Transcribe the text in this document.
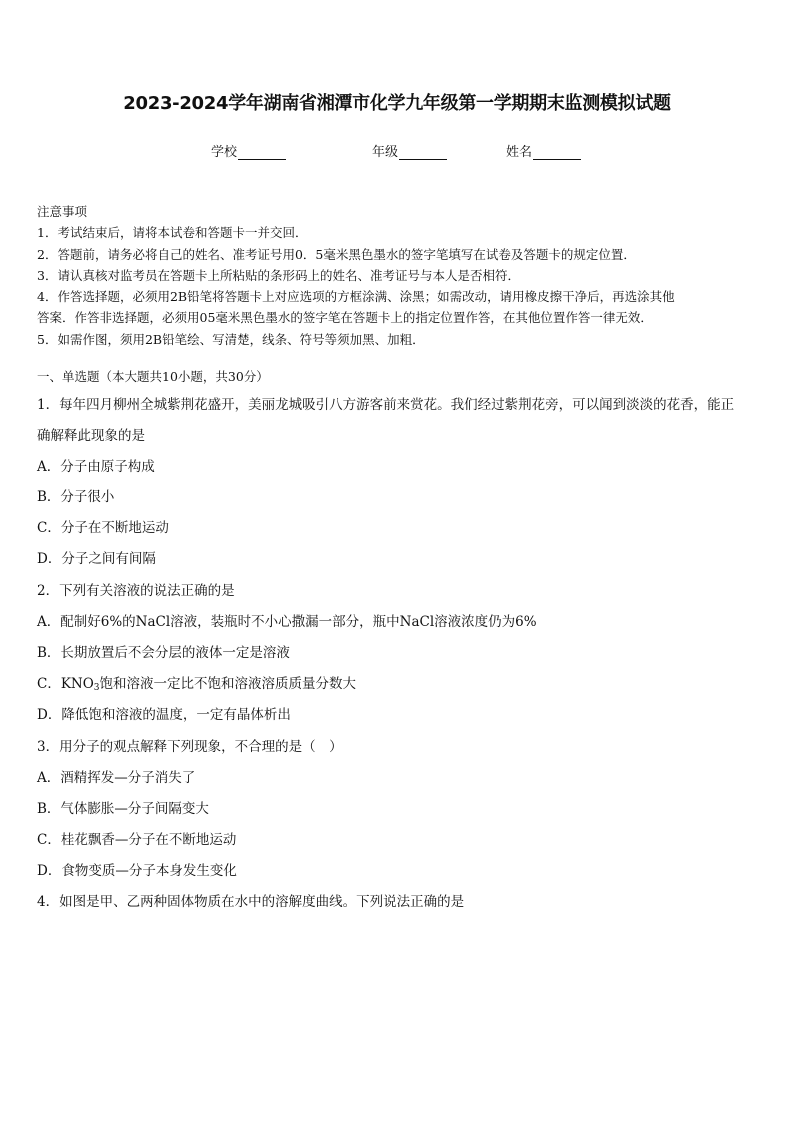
2023-2024学年湖南省湘潭市化学九年级第一学期期末监测模拟试题
学校	年级	姓名
注意事项
1．考试结束后，请将本试卷和答题卡一并交回．
2．答题前，请务必将自己的姓名、准考证号用0．5毫米黑色墨水的签字笔填写在试卷及答题卡的规定位置．
3．请认真核对监考员在答题卡上所粘贴的条形码上的姓名、准考证号与本人是否相符．
4．作答选择题，必须用2B铅笔将答题卡上对应选项的方框涂满、涂黑；如需改动，请用橡皮擦干净后，再选涂其他
答案．作答非选择题，必须用05毫米黑色墨水的签字笔在答题卡上的指定位置作答，在其他位置作答一律无效．
5．如需作图，须用2B铅笔绘、写清楚，线条、符号等须加黑、加粗．
一、单选题（本大题共10小题，共30分）
1．每年四月柳州全城紫荆花盛开，美丽龙城吸引八方游客前来赏花。我们经过紫荆花旁，可以闻到淡淡的花香，能正
确解释此现象的是
A．分子由原子构成
B．分子很小
C．分子在不断地运动
D．分子之间有间隔
2．下列有关溶液的说法正确的是
A．配制好6%的NaCl溶液，装瓶时不小心撒漏一部分，瓶中NaCl溶液浓度仍为6%
B．长期放置后不会分层的液体一定是溶液
C．$KNO_3$饱和溶液一定比不饱和溶液溶质质量分数大
D．降低饱和溶液的温度，一定有晶体析出
3．用分子的观点解释下列现象，不合理的是（　）
A．酒精挥发—分子消失了
B．气体膨胀—分子间隔变大
C．桂花飘香—分子在不断地运动
D．食物变质—分子本身发生变化
4．如图是甲、乙两种固体物质在水中的溶解度曲线。下列说法正确的是
